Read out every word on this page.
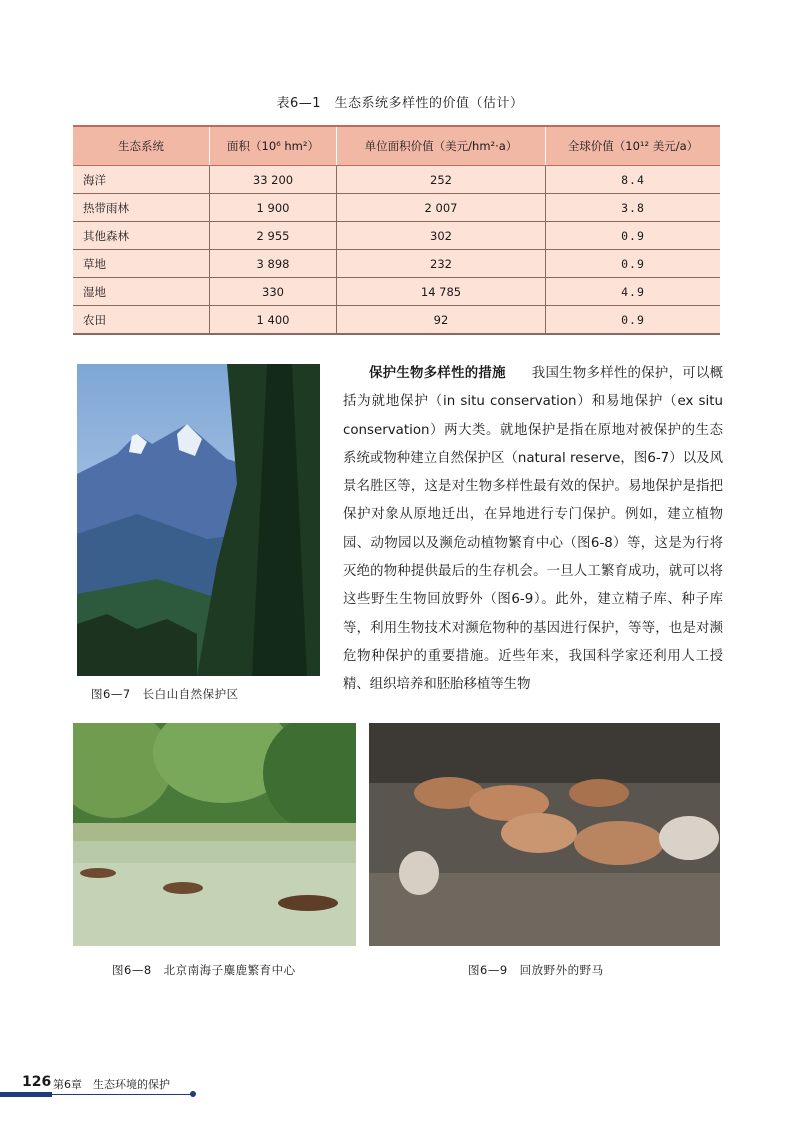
表6—1　生态系统多样性的价值（估计）
生态系统	面积（10⁶ hm²）	单位面积价值（美元/hm²·a）	全球价值（10¹² 美元/a）
海洋	33 200	252	8.4
热带雨林	1 900	2 007	3.8
其他森林	2 955	302	0.9
草地	3 898	232	0.9
湿地	330	14 785	4.9
农田	1 400	92	0.9
图6—7　长白山自然保护区

保护生物多样性的措施 我国生物多样性的保护，可以概括为就地保护（in situ conservation）和易地保护（ex situ conservation）两大类。就地保护是指在原地对被保护的生态系统或物种建立自然保护区（natural reserve，图6-7）以及风景名胜区等，这是对生物多样性最有效的保护。易地保护是指把保护对象从原地迁出，在异地进行专门保护。例如，建立植物园、动物园以及濒危动植物繁育中心（图6-8）等，这是为行将灭绝的物种提供最后的生存机会。一旦人工繁育成功，就可以将这些野生生物回放野外（图6-9）。此外，建立精子库、种子库等，利用生物技术对濒危物种的基因进行保护，等等，也是对濒危物种保护的重要措施。近些年来，我国科学家还利用人工授精、组织培养和胚胎移植等生物

图6—8　北京南海子麋鹿繁育中心	图6—9　回放野外的野马
126 第6章　生态环境的保护
